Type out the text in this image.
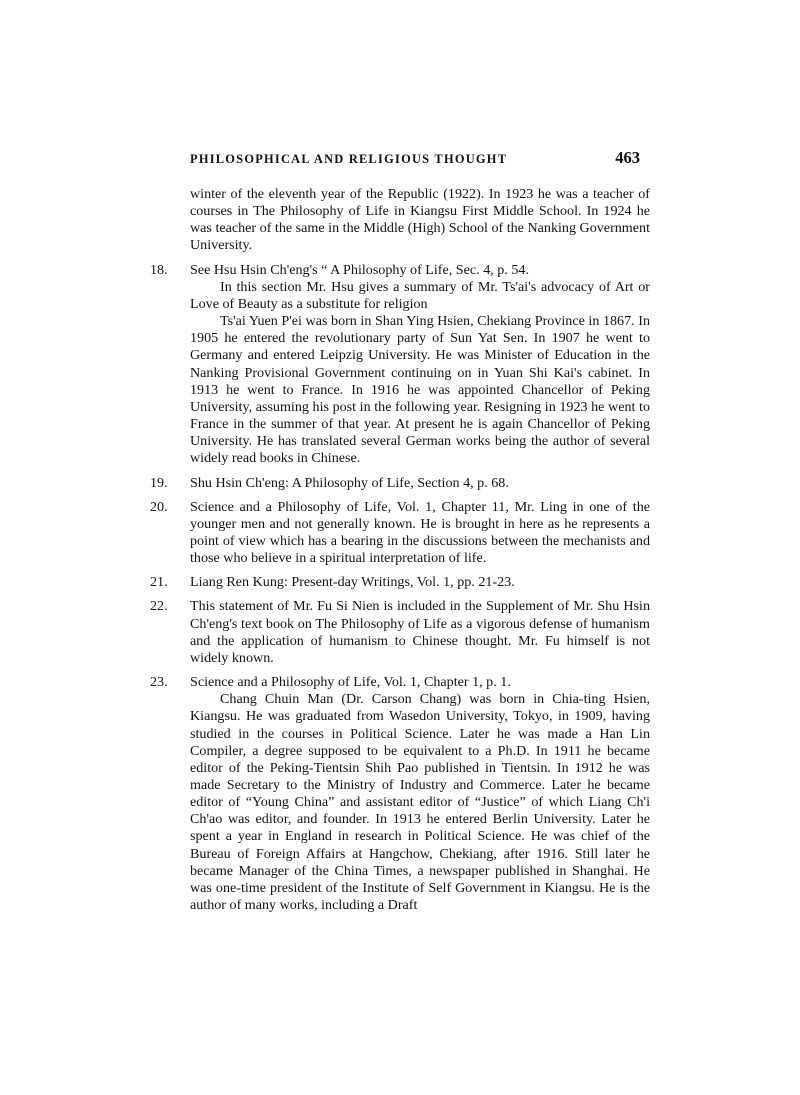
PHILOSOPHICAL AND RELIGIOUS THOUGHT	463

winter of the eleventh year of the Republic (1922). In 1923 he was a teacher of courses in The Philosophy of Life in Kiangsu First Middle School. In 1924 he was teacher of the same in the Middle (High) School of the Nanking Government University.

18.	See Hsu Hsin Ch'eng's “ A Philosophy of Life, Sec. 4, p. 54.

In this section Mr. Hsu gives a summary of Mr. Ts'ai's advocacy of Art or Love of Beauty as a substitute for religion

Ts'ai Yuen P'ei was born in Shan Ying Hsien, Chekiang Province in 1867. In 1905 he entered the revolutionary party of Sun Yat Sen. In 1907 he went to Germany and entered Leipzig University. He was Minister of Education in the Nanking Provisional Government continuing on in Yuan Shi Kai's cabinet. In 1913 he went to France. In 1916 he was appointed Chancellor of Peking University, assuming his post in the following year. Resigning in 1923 he went to France in the summer of that year. At present he is again Chancellor of Peking University. He has translated several German works being the author of several widely read books in Chinese.

19.	Shu Hsin Ch'eng: A Philosophy of Life, Section 4, p. 68.

20.	Science and a Philosophy of Life, Vol. 1, Chapter 11, Mr. Ling in one of the younger men and not generally known. He is brought in here as he represents a point of view which has a bearing in the discussions between the mechanists and those who believe in a spiritual interpretation of life.

21.	Liang Ren Kung: Present-day Writings, Vol. 1, pp. 21-23.

22.	This statement of Mr. Fu Si Nien is included in the Supplement of Mr. Shu Hsin Ch'eng's text book on The Philosophy of Life as a vigorous defense of humanism and the application of humanism to Chinese thought. Mr. Fu himself is not widely known.

23.	Science and a Philosophy of Life, Vol. 1, Chapter 1, p. 1.

Chang Chuin Man (Dr. Carson Chang) was born in Chia-ting Hsien, Kiangsu. He was graduated from Wasedon University, Tokyo, in 1909, having studied in the courses in Political Science. Later he was made a Han Lin Compiler, a degree supposed to be equivalent to a Ph.D. In 1911 he became editor of the Peking-Tientsin Shih Pao published in Tientsin. In 1912 he was made Secretary to the Ministry of Industry and Commerce. Later he became editor of “Young China” and assistant editor of “Justice” of which Liang Ch'i Ch'ao was editor, and founder. In 1913 he entered Berlin University. Later he spent a year in England in research in Political Science. He was chief of the Bureau of Foreign Affairs at Hangchow, Chekiang, after 1916. Still later he became Manager of the China Times, a newspaper published in Shanghai. He was one-time president of the Institute of Self Government in Kiangsu. He is the author of many works, including a Draft
